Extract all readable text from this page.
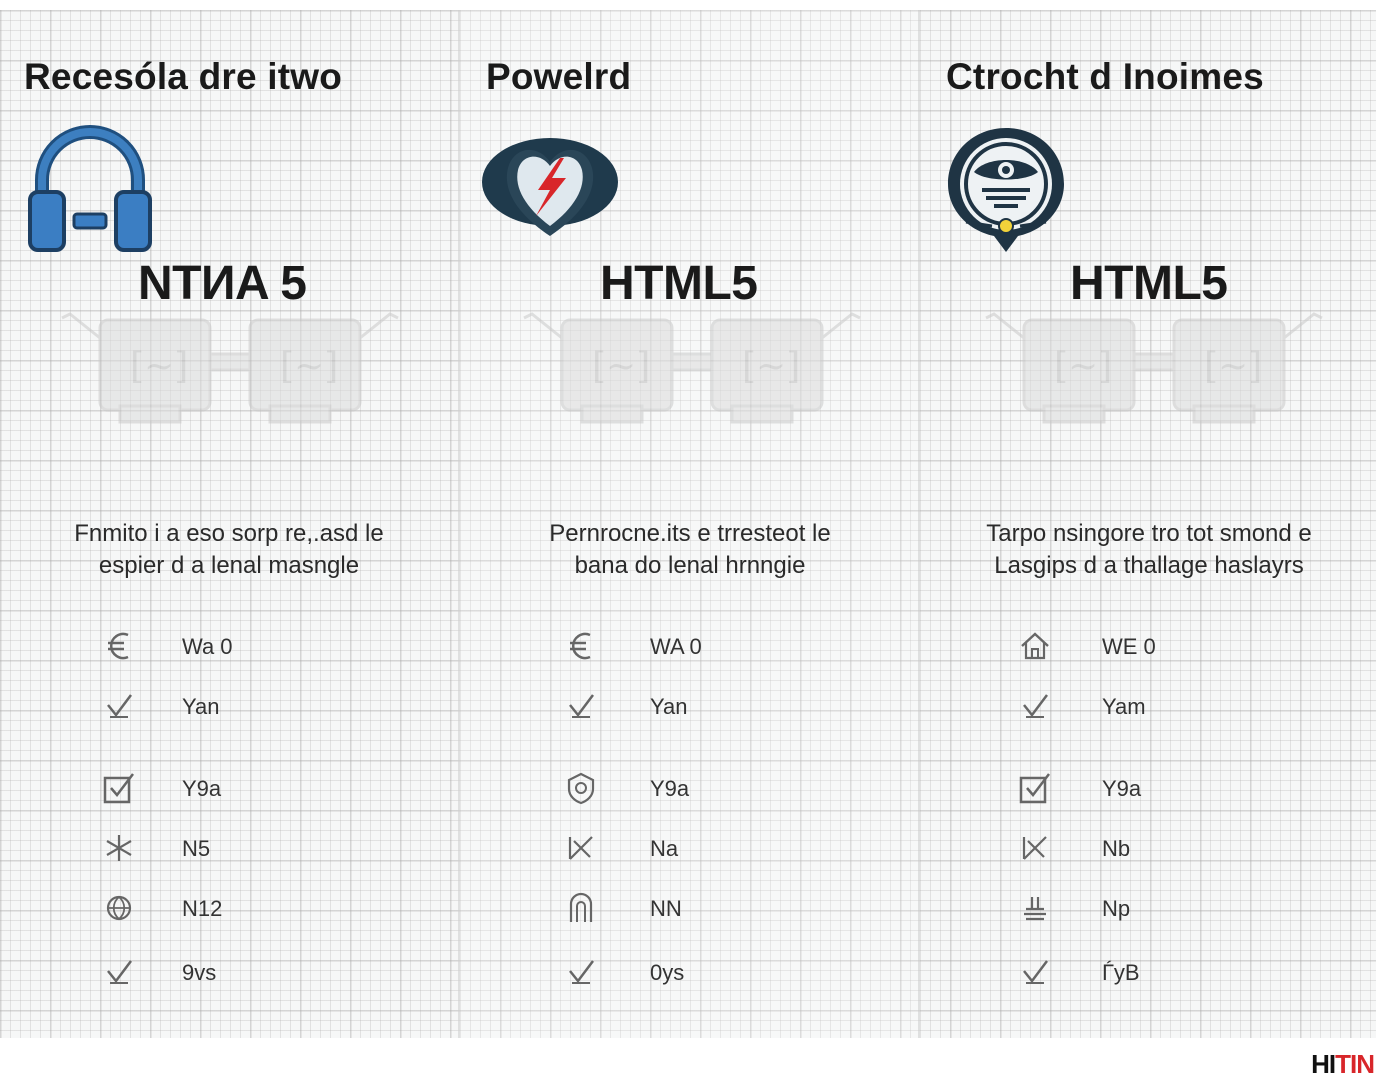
Recesóla dre itwo
NTИA 5
[~]	[~]
Fnmito i a eso sorp re,.asd le
espier d a lenal masngle
Wa 0
Yan
Y9a
N5
N12
9vs
Powelrd
HTML5
[~]	[~]
Pernrocne.its e trresteot le
bana do lenal hrnngie
WA 0
Yan
Y9a
Na
NN
0ys
Ctrocht d Inoimes
HTML5
[~]	[~]
Tarpo nsingore tro tot smond e
Lasgips d a thallage haslayrs
WE 0
Yam
Y9a
Nb
Np
ЃyB
HITIN
